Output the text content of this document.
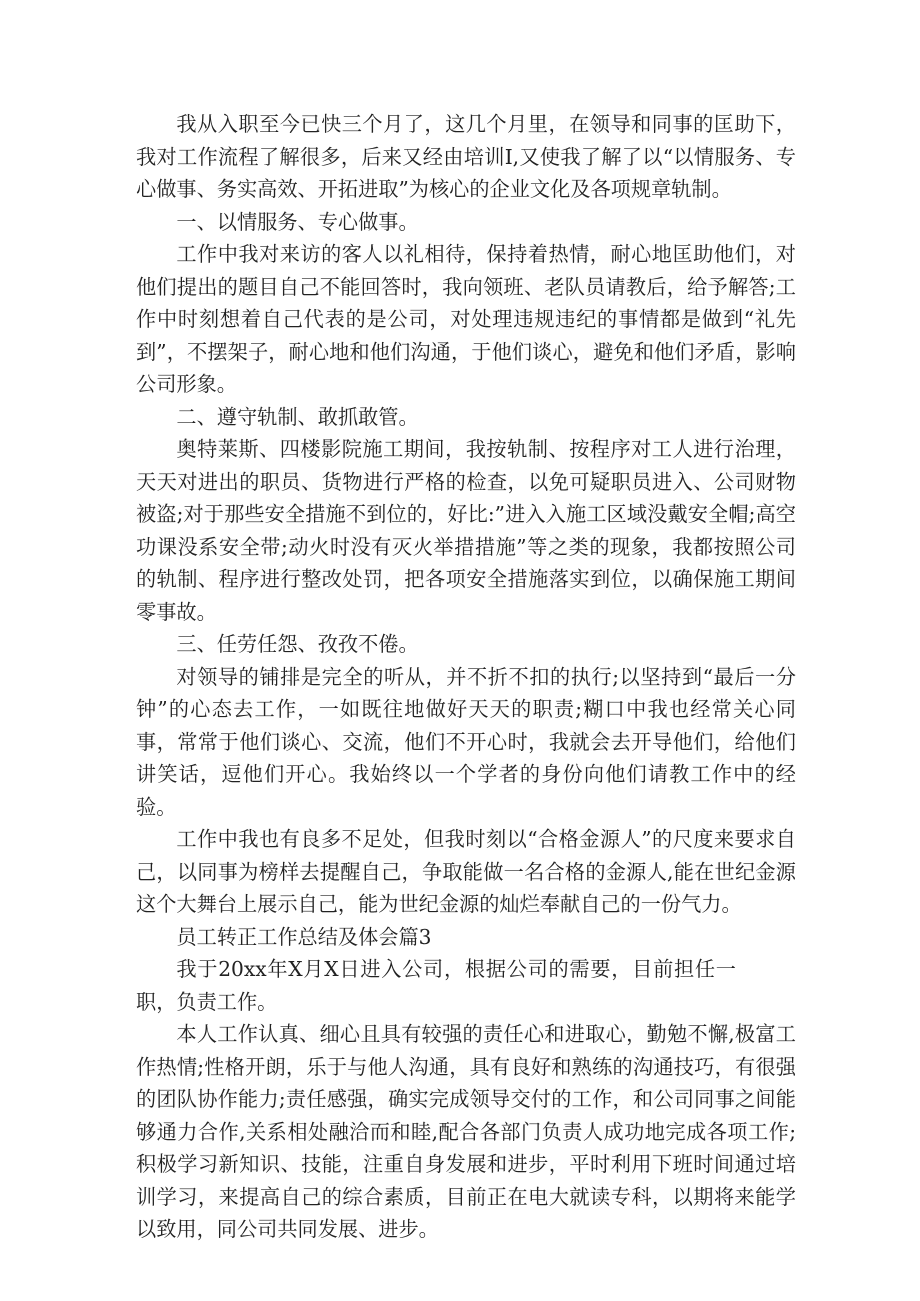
我从入职至今已快三个月了，这几个月里，在领导和同事的匡助下，我对工作流程了解很多，后来又经由培训Ι,又使我了解了以“以情服务、专心做事、务实高效、开拓进取”为核心的企业文化及各项规章轨制。

一、以情服务、专心做事。

工作中我对来访的客人以礼相待，保持着热情，耐心地匡助他们，对他们提出的题目自己不能回答时，我向领班、老队员请教后，给予解答;工作中时刻想着自己代表的是公司，对处理违规违纪的事情都是做到“礼先到”，不摆架子，耐心地和他们沟通，于他们谈心，避免和他们矛盾，影响公司形象。

二、遵守轨制、敢抓敢管。

奥特莱斯、四楼影院施工期间，我按轨制、按程序对工人进行治理，天天对进出的职员、货物进行严格的检查，以免可疑职员进入、公司财物被盗;对于那些安全措施不到位的，好比:”进入入施工区域没戴安全帽;高空功课没系安全带;动火时没有灭火举措措施”等之类的现象，我都按照公司的轨制、程序进行整改处罚，把各项安全措施落实到位，以确保施工期间零事故。

三、任劳任怨、孜孜不倦。

对领导的铺排是完全的听从，并不折不扣的执行;以坚持到“最后一分钟”的心态去工作，一如既往地做好天天的职责;糊口中我也经常关心同事，常常于他们谈心、交流，他们不开心时，我就会去开导他们，给他们讲笑话，逗他们开心。我始终以一个学者的身份向他们请教工作中的经验。

工作中我也有良多不足处，但我时刻以“合格金源人”的尺度来要求自己，以同事为榜样去提醒自己，争取能做一名合格的金源人,能在世纪金源这个大舞台上展示自己，能为世纪金源的灿烂奉献自己的一份气力。

员工转正工作总结及体会篇3

我于20xx年X月X日进入公司，根据公司的需要，目前担任一职，负责工作。

本人工作认真、细心且具有较强的责任心和进取心，勤勉不懈,极富工作热情;性格开朗，乐于与他人沟通，具有良好和熟练的沟通技巧，有很强的团队协作能力;责任感强，确实完成领导交付的工作，和公司同事之间能够通力合作,关系相处融洽而和睦,配合各部门负责人成功地完成各项工作;积极学习新知识、技能，注重自身发展和进步，平时利用下班时间通过培训学习，来提高自己的综合素质，目前正在电大就读专科，以期将来能学以致用，同公司共同发展、进步。
